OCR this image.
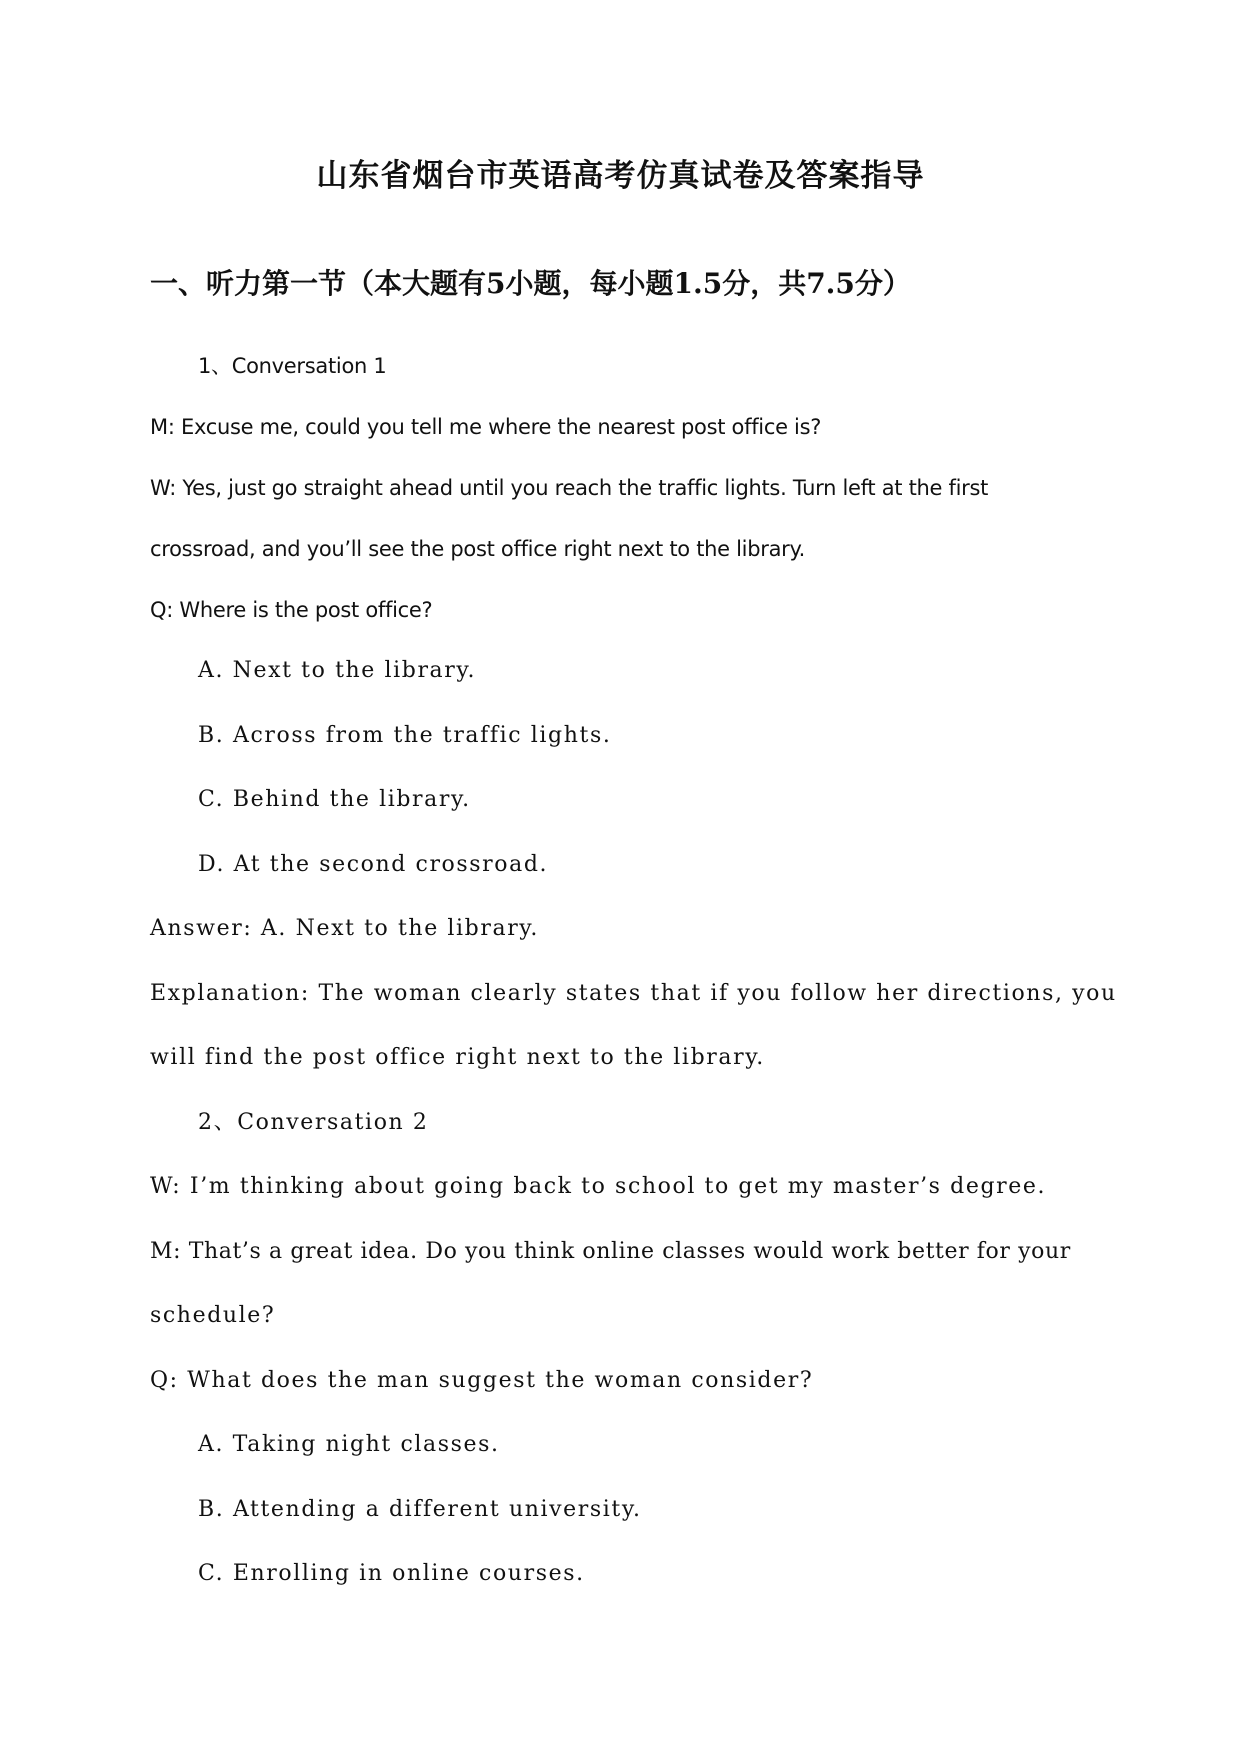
山东省烟台市英语高考仿真试卷及答案指导
一、听力第一节（本大题有5小题，每小题1.5分，共7.5分）

1、Conversation 1

M: Excuse me, could you tell me where the nearest post office is?

W: Yes, just go straight ahead until you reach the traffic lights. Turn left at the first

crossroad, and you’ll see the post office right next to the library.

Q: Where is the post office?

A. Next to the library.

B. Across from the traffic lights.

C. Behind the library.

D. At the second crossroad.

Answer: A. Next to the library.

Explanation: The woman clearly states that if you follow her directions, you

will find the post office right next to the library.

2、Conversation 2

W: I’m thinking about going back to school to get my master’s degree.

M: That’s a great idea. Do you think online classes would work better for your

schedule?

Q: What does the man suggest the woman consider?

A. Taking night classes.

B. Attending a different university.

C. Enrolling in online courses.
